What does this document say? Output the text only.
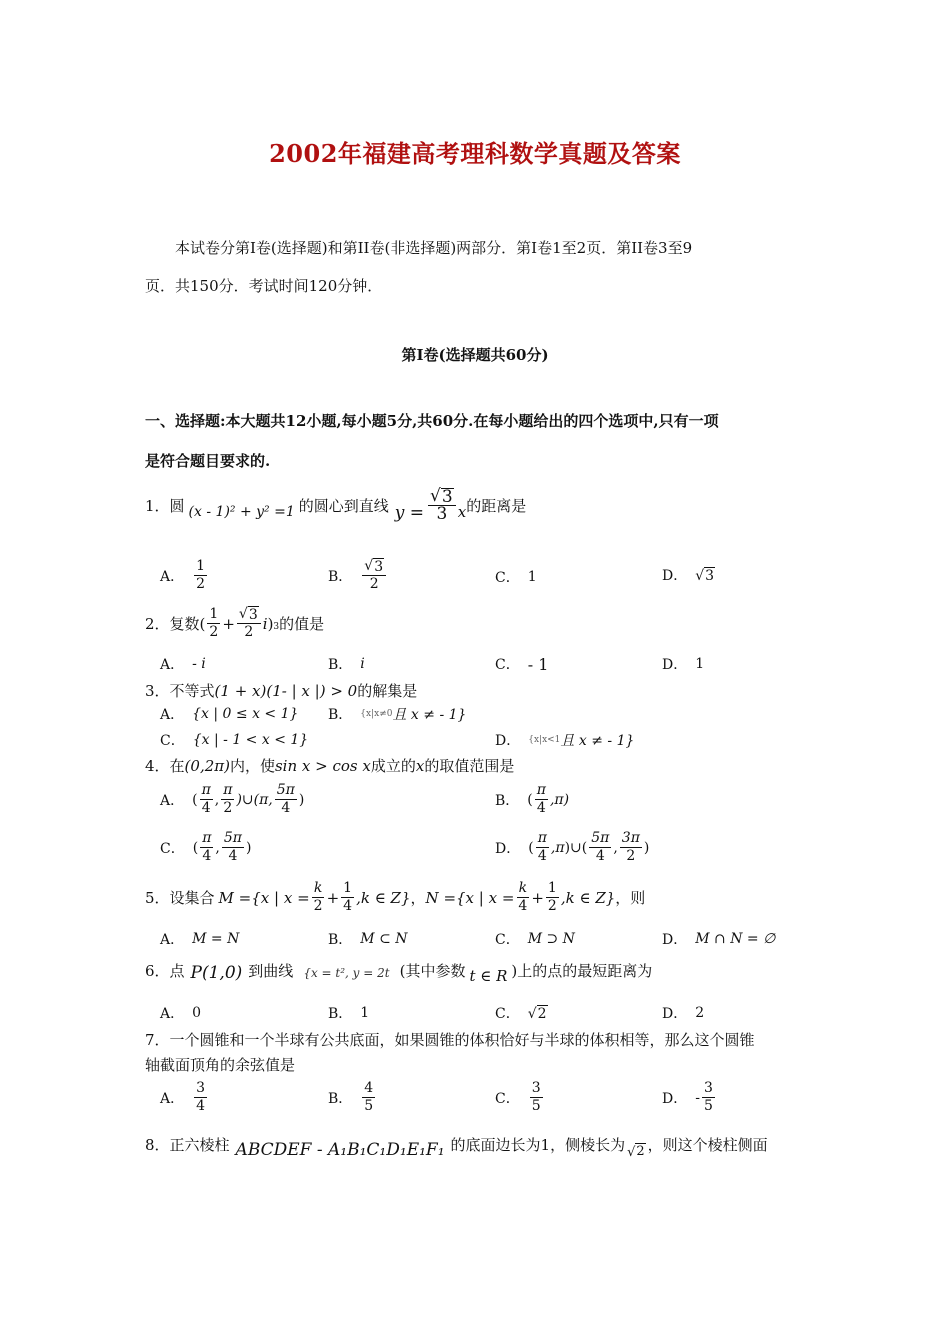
2002年福建高考理科数学真题及答案
本试卷分第I卷(选择题)和第II卷(非选择题)两部分．第I卷1至2页．第II卷3至9
页．共150分．考试时间120分钟．
第I卷(选择题共60分)
一、选择题:本大题共12小题,每小题5分,共60分.在每小题给出的四个选项中,只有一项
是符合题目要求的.
1．圆 (x - 1)² + y² =1 的圆心到直线 $y = \frac{√ 3}{3}$ x 的距离是
A． $\frac{1}{2}$	B． $\frac{√ 3}{2}$	C． 1	D． √ 3
2．复数 ( $\frac{1}{2} + \frac{√ 3}{2}$ i ) 3 的值是
A． - i	B． i	C． - 1	D． 1
3．不等式(1 + x)(1- | x |) > 0的解集是
A． {x | 0 ≤ x < 1} B． {x|x≠0 且 x ≠ - 1}
C． {x | - 1 < x < 1}	D． {x|x<1 且 x ≠ - 1}
4．在(0,2π)内，使sin x > cos x成立的x的取值范围是
A． ( $\frac{\pi}{4}$ , $\frac{\pi}{2}$ )∪(π, $\frac{5\pi}{4}$ )	B． ( $\frac{\pi}{4} ,\pi$)
C． ( $\frac{\pi}{4}$ , $\frac{5\pi}{4}$ )	D． ( $\frac{\pi}{4}$ , π )∪( $\frac{5\pi}{4}$ , $\frac{3\pi}{2}$ )
5．设集合 M ={x | $x = \frac{k}{2} + \frac{1}{4} ,k$ ∈ Z} ， N ={x | $x = \frac{k}{4} + \frac{1}{2} ,k$ ∈ Z} ，则
A． M = N	B． M ⊂ N	C． M ⊃ N	D． M ∩ N = ∅
6．点 P(1,0) 到曲线 {x = t², y = 2t (其中参数 t ∈ R )上的点的最短距离为
A． 0	B． 1	C． √ 2	D． 2
7．一个圆锥和一个半球有公共底面，如果圆锥的体积恰好与半球的体积相等，那么这个圆锥
轴截面顶角的余弦值是
A． $\frac{3}{4}$	B． $\frac{4}{5}$	C． $\frac{3}{5}$	D． - $\frac{3}{5}$
8．正六棱柱 ABCDEF - A₁B₁C₁D₁E₁F₁ 的底面边长为1，侧棱长为 √ 2 ，则这个棱柱侧面
